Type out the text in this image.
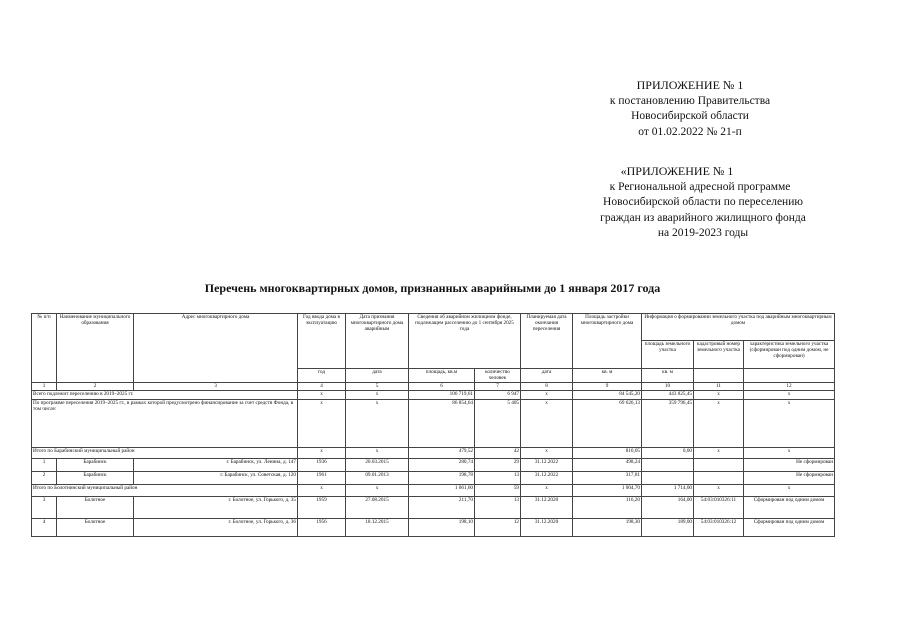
ПРИЛОЖЕНИЕ № 1
к постановлению Правительства
Новосибирской области
от 01.02.2022 № 21-п
«ПРИЛОЖЕНИЕ № 1
к Региональной адресной программе
Новосибирской области по переселению
граждан из аварийного жилищного фонда
на 2019-2023 годы
Перечень многоквартирных домов, признанных аварийными до 1 января 2017 года
№ п/п	Наименование муниципального образования	Адрес многоквартирного дома	Год ввода дома в эксплуатацию	Дата признания многоквартирного дома аварийным	Сведения об аварийном жилищном фонде, подлежащем расселению до 1 сентября 2025 года		Планируемая дата окончания переселения	Площадь застройки многоквартирного дома	Информация о формировании земельного участка под аварийным многоквартирным домом		
									площадь земельного участка	кадастровый номер земельного участка	характеристика земельного участка (сформирован под одним домом, не сформирован)
			год	дата	площадь, кв.м	количество человек	дата	кв. м	кв. м		
1	2	3	4	5	6	7	8	9	10	11	12
Всего подлежит переселению в 2019–2025 гг.			х	х	106 719,61	6 947	х	84 545,20	443 825,45	х	х
По программе переселения 2019–2025 гг., в рамках которой предусмотрено финансирование за счет средств Фонда, в том числе:			х	х	86 854,64	5 405	х	69 626,13	359 796,45	х	х
Итого по Барабинский муниципальный район			х	х	479,52	42	х	816,05	0,00	х	х
1	Барабинск	г. Барабинск, ул. Ленина, д. 147	1936	20.03.2015	280,74	29	31.12.2022	498,24			Не сформирован
2	Барабинск	г. Барабинск, ул. Советская, д. 120	1961	09.01.2013	198,78	13	31.12.2022	317,81			Не сформирован
Итого по Болотнинский муниципальный район			х	х	1 061,60	59	х	1 004,70	1 714,00	х	х
3	Болотное	г. Болотное, ул. Горького, д. 35	1959	27.08.2015	211,70	13	31.12.2020	116,20	164,00	54:03:010326:11	Сформирован под одним домом
4	Болотное	г. Болотное, ул. Горького, д. 36	1956	18.12.2015	198,10	12	31.12.2020	198,30	189,00	54:03:010326:12	Сформирован под одним домом
